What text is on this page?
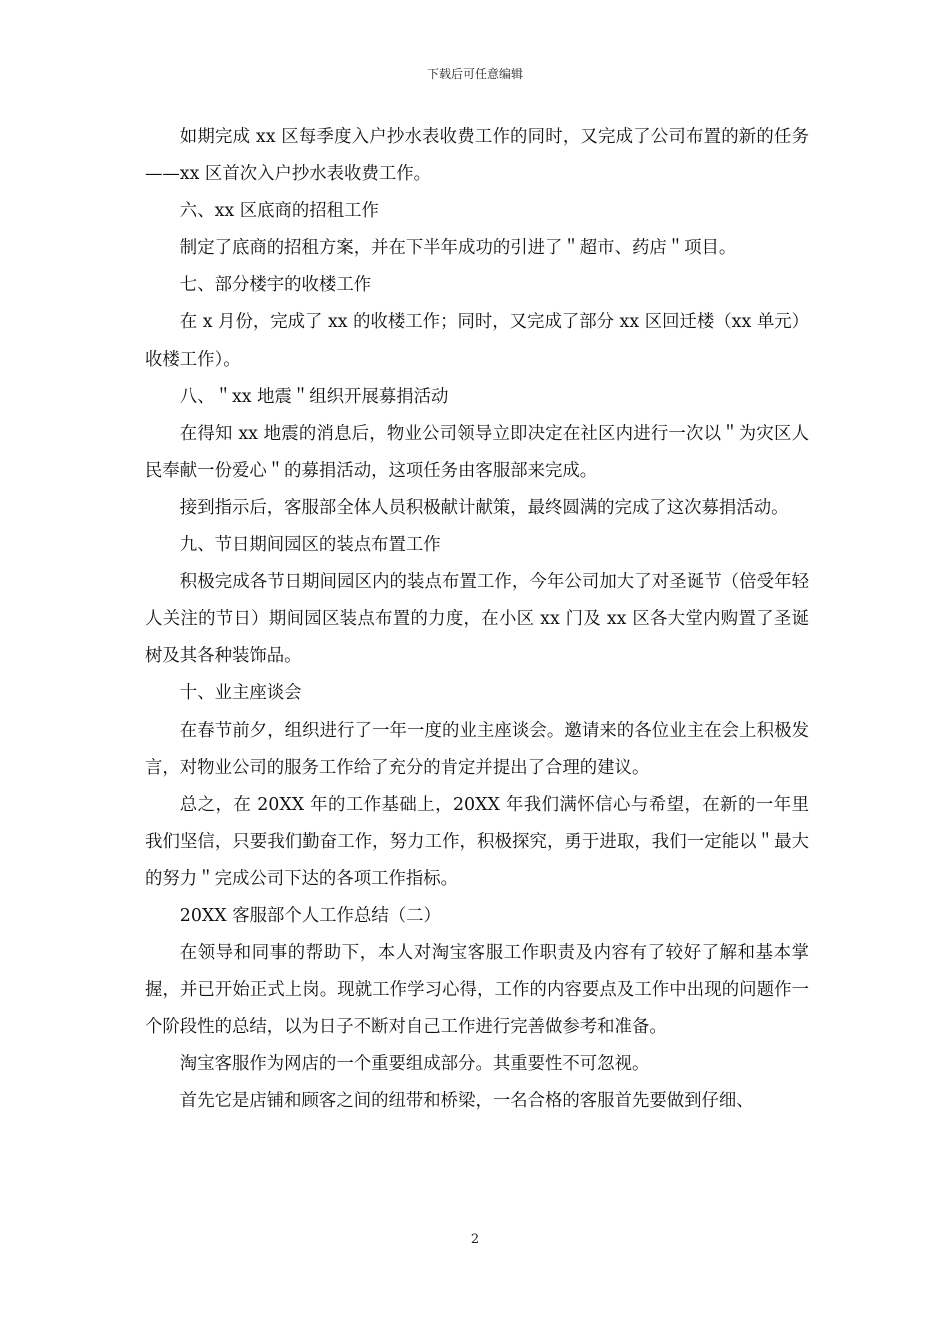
下载后可任意编辑

如期完成 xx 区每季度入户抄水表收费工作的同时，又完成了公司布置的新的任务——xx 区首次入户抄水表收费工作。

六、xx 区底商的招租工作

制定了底商的招租方案，并在下半年成功的引进了＂超市、药店＂项目。

七、部分楼宇的收楼工作

在 x 月份，完成了 xx 的收楼工作；同时，又完成了部分 xx 区回迁楼（xx 单元）收楼工作）。

八、＂xx 地震＂组织开展募捐活动

在得知 xx 地震的消息后，物业公司领导立即决定在社区内进行一次以＂为灾区人民奉献一份爱心＂的募捐活动，这项任务由客服部来完成。

接到指示后，客服部全体人员积极献计献策，最终圆满的完成了这次募捐活动。

九、节日期间园区的装点布置工作

积极完成各节日期间园区内的装点布置工作，今年公司加大了对圣诞节（倍受年轻人关注的节日）期间园区装点布置的力度，在小区 xx 门及 xx 区各大堂内购置了圣诞树及其各种装饰品。

十、业主座谈会

在春节前夕，组织进行了一年一度的业主座谈会。邀请来的各位业主在会上积极发言，对物业公司的服务工作给了充分的肯定并提出了合理的建议。

总之，在 20XX 年的工作基础上，20XX 年我们满怀信心与希望，在新的一年里我们坚信，只要我们勤奋工作，努力工作，积极探究，勇于进取，我们一定能以＂最大的努力＂完成公司下达的各项工作指标。

20XX 客服部个人工作总结（二）

在领导和同事的帮助下，本人对淘宝客服工作职责及内容有了较好了解和基本掌握，并已开始正式上岗。现就工作学习心得，工作的内容要点及工作中出现的问题作一个阶段性的总结，以为日子不断对自己工作进行完善做参考和准备。

淘宝客服作为网店的一个重要组成部分。其重要性不可忽视。

首先它是店铺和顾客之间的纽带和桥梁，一名合格的客服首先要做到仔细、

2
